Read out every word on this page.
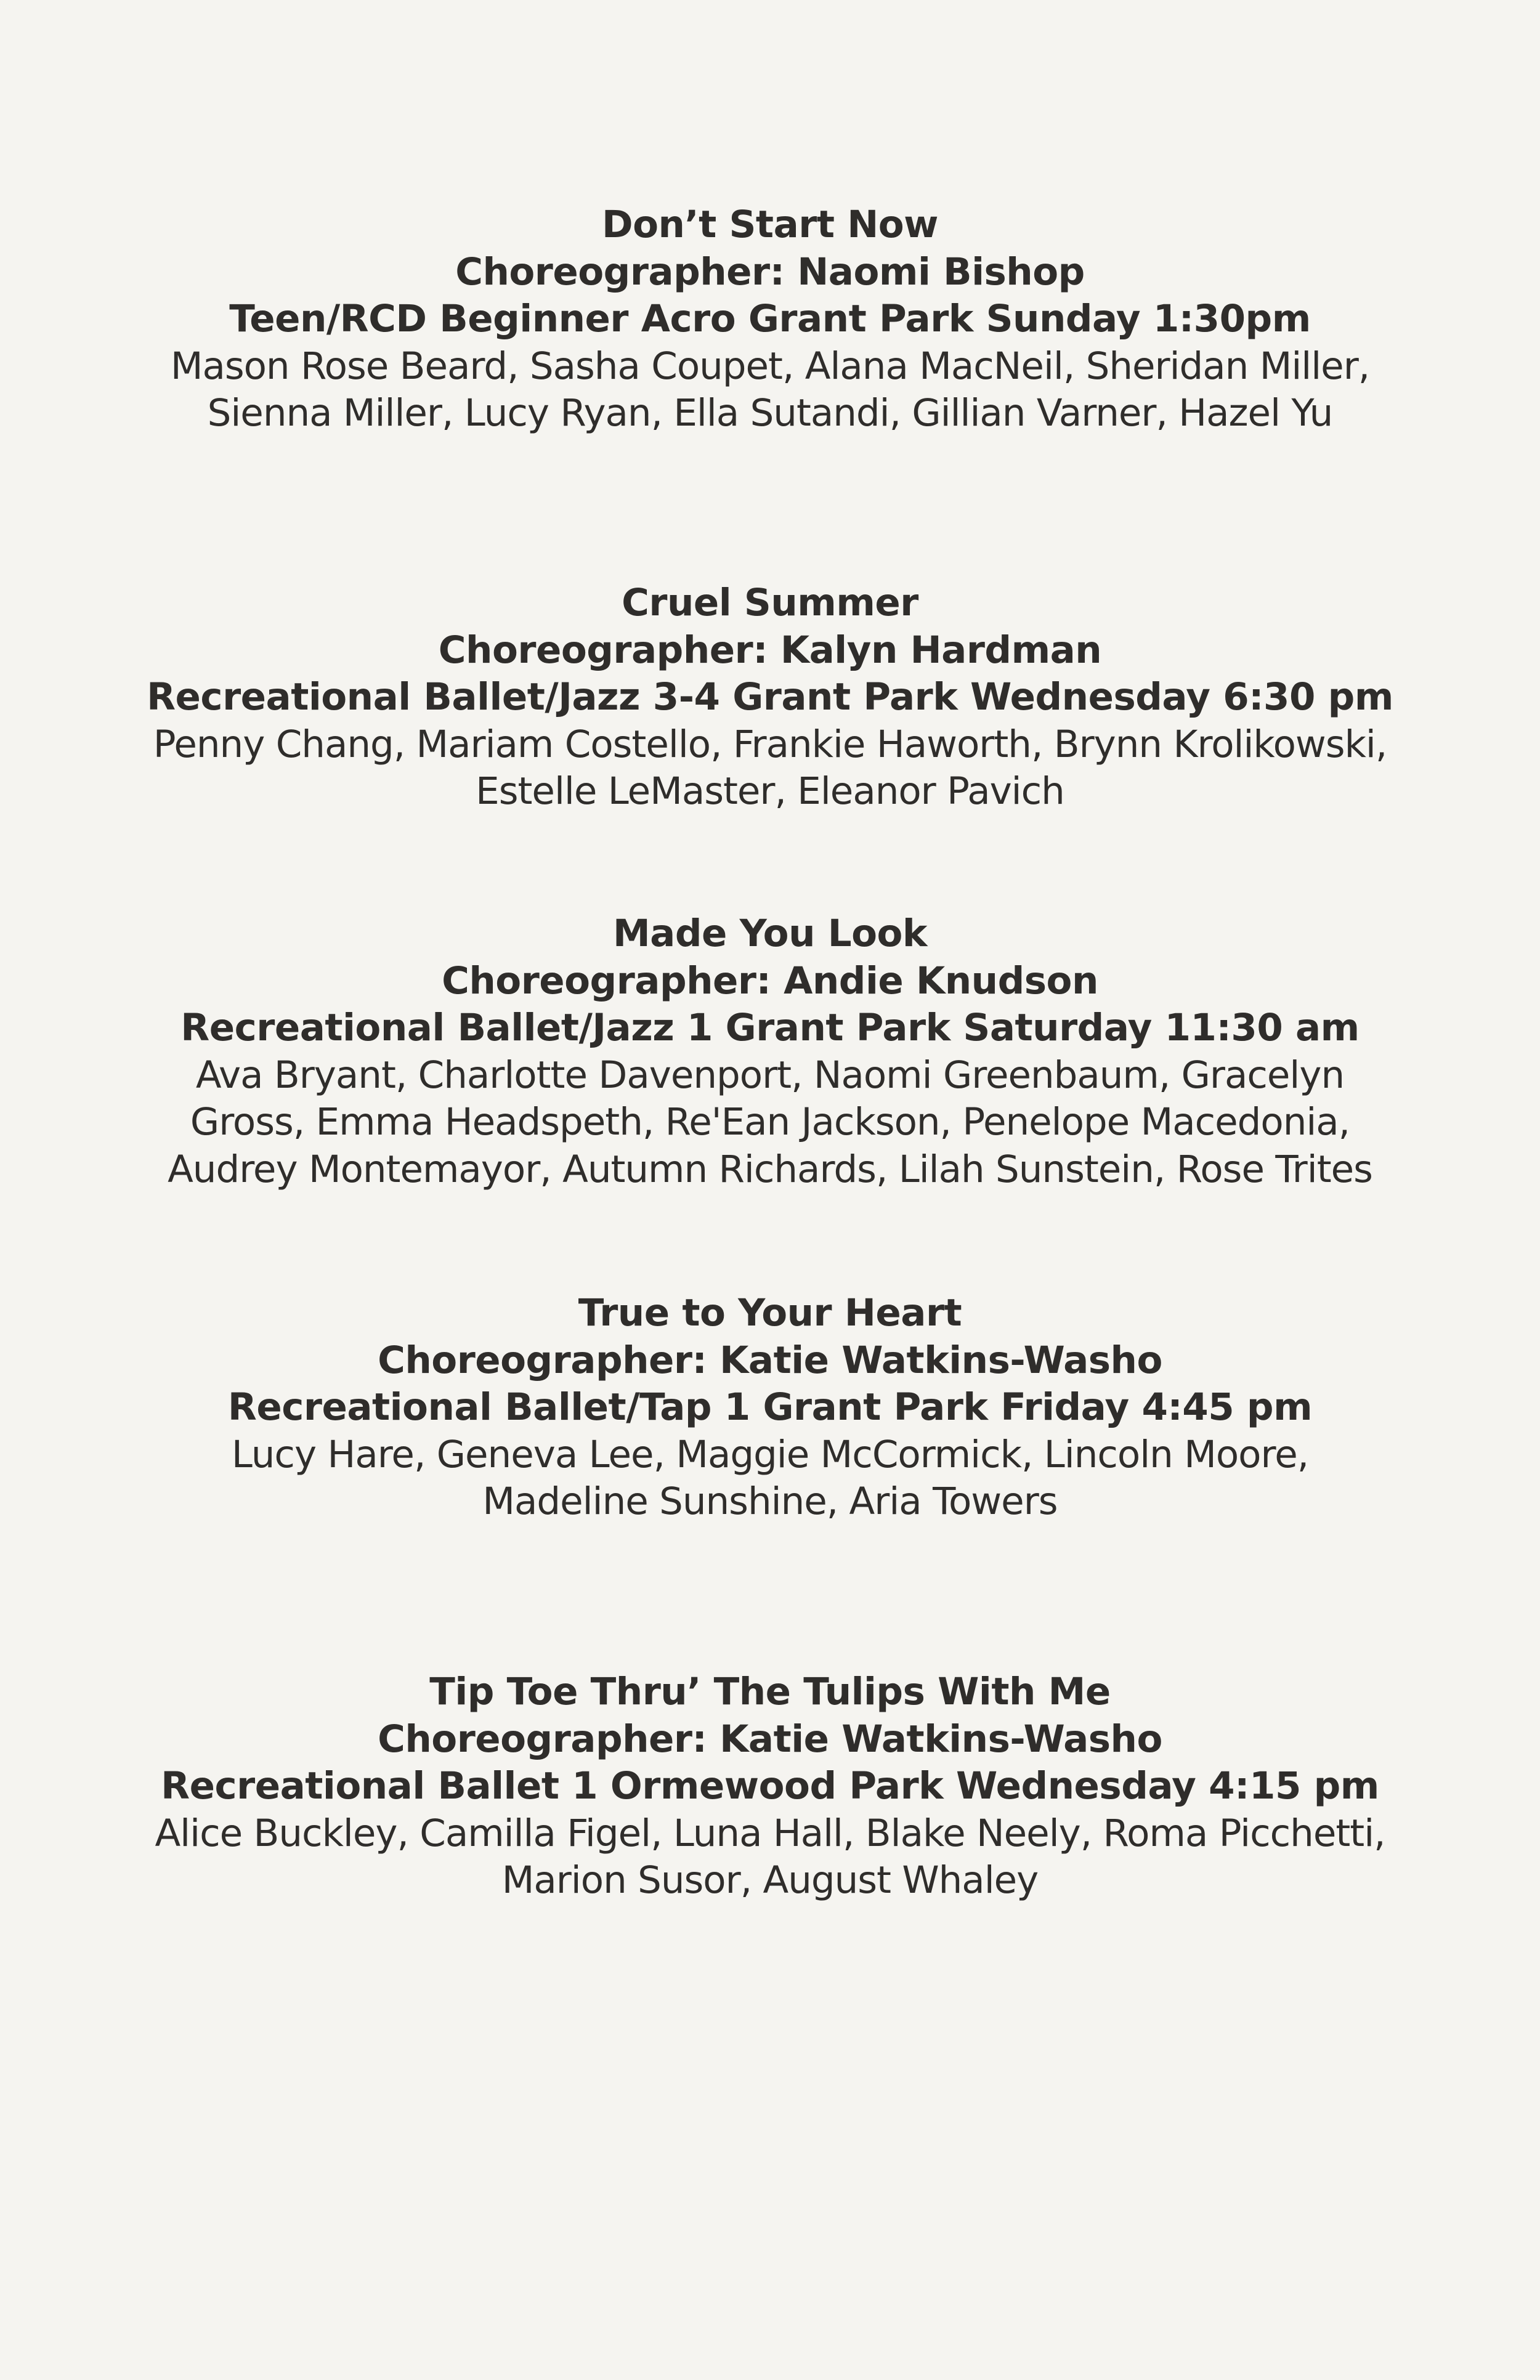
Don’t Start Now
Choreographer: Naomi Bishop
Teen/RCD Beginner Acro Grant Park Sunday 1:30pm
Mason Rose Beard, Sasha Coupet, Alana MacNeil, Sheridan Miller,
Sienna Miller, Lucy Ryan, Ella Sutandi, Gillian Varner, Hazel Yu
Cruel Summer
Choreographer: Kalyn Hardman
Recreational Ballet/Jazz 3-4 Grant Park Wednesday 6:30 pm
Penny Chang, Mariam Costello, Frankie Haworth, Brynn Krolikowski,
Estelle LeMaster, Eleanor Pavich
Made You Look
Choreographer: Andie Knudson
Recreational Ballet/Jazz 1 Grant Park Saturday 11:30 am
Ava Bryant, Charlotte Davenport, Naomi Greenbaum, Gracelyn
Gross, Emma Headspeth, Re'Ean Jackson, Penelope Macedonia,
Audrey Montemayor, Autumn Richards, Lilah Sunstein, Rose Trites
True to Your Heart
Choreographer: Katie Watkins-Washo
Recreational Ballet/Tap 1 Grant Park Friday 4:45 pm
Lucy Hare, Geneva Lee, Maggie McCormick, Lincoln Moore,
Madeline Sunshine, Aria Towers
Tip Toe Thru’ The Tulips With Me
Choreographer: Katie Watkins-Washo
Recreational Ballet 1 Ormewood Park Wednesday 4:15 pm
Alice Buckley, Camilla Figel, Luna Hall, Blake Neely, Roma Picchetti,
Marion Susor, August Whaley
